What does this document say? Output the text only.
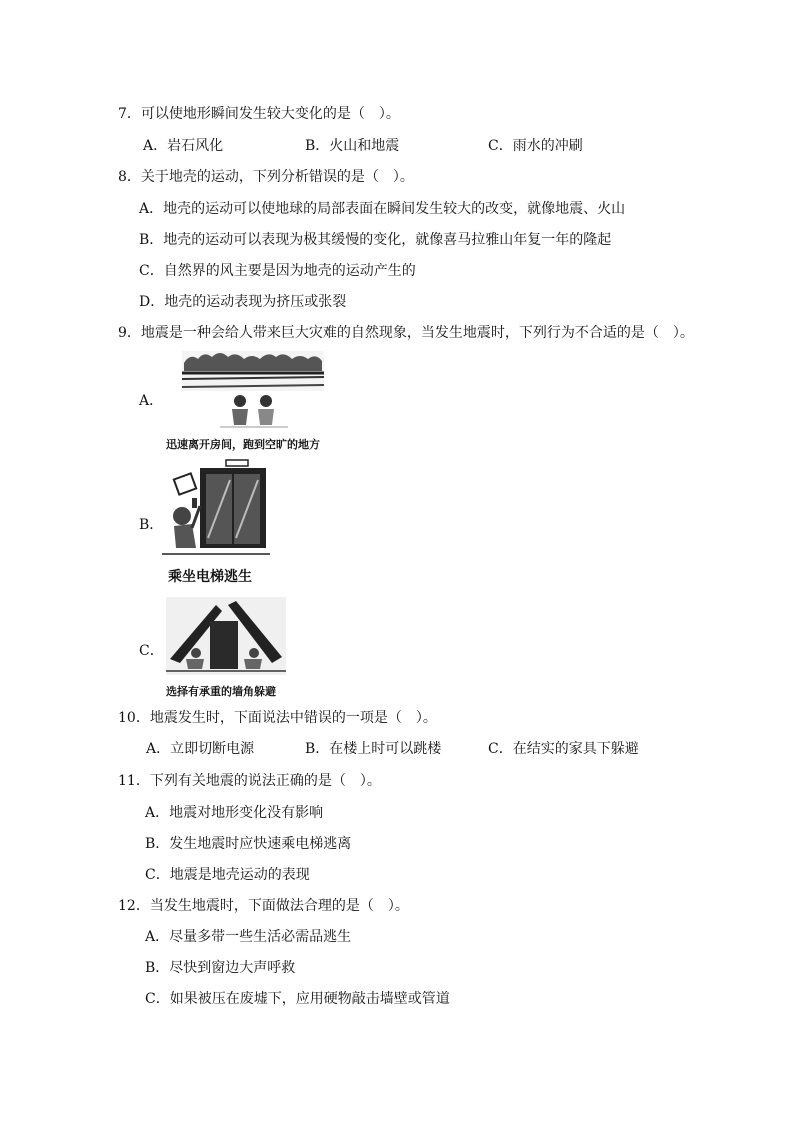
7．可以使地形瞬间发生较大变化的是（　）。
A．岩石风化	B．火山和地震	C．雨水的冲刷
8．关于地壳的运动，下列分析错误的是（　）。
A．地壳的运动可以使地球的局部表面在瞬间发生较大的改变，就像地震、火山
B．地壳的运动可以表现为极其缓慢的变化，就像喜马拉雅山年复一年的隆起
C．自然界的风主要是因为地壳的运动产生的
D．地壳的运动表现为挤压或张裂
9．地震是一种会给人带来巨大灾难的自然现象，当发生地震时，下列行为不合适的是（　）。
A．
迅速离开房间，跑到空旷的地方
B．
乘坐电梯逃生
C．
选择有承重的墙角躲避
10．地震发生时，下面说法中错误的一项是（　）。
A．立即切断电源	B．在楼上时可以跳楼	C．在结实的家具下躲避
11．下列有关地震的说法正确的是（　）。
A．地震对地形变化没有影响
B．发生地震时应快速乘电梯逃离
C．地震是地壳运动的表现
12．当发生地震时，下面做法合理的是（　）。
A．尽量多带一些生活必需品逃生
B．尽快到窗边大声呼救
C．如果被压在废墟下，应用硬物敲击墙壁或管道
